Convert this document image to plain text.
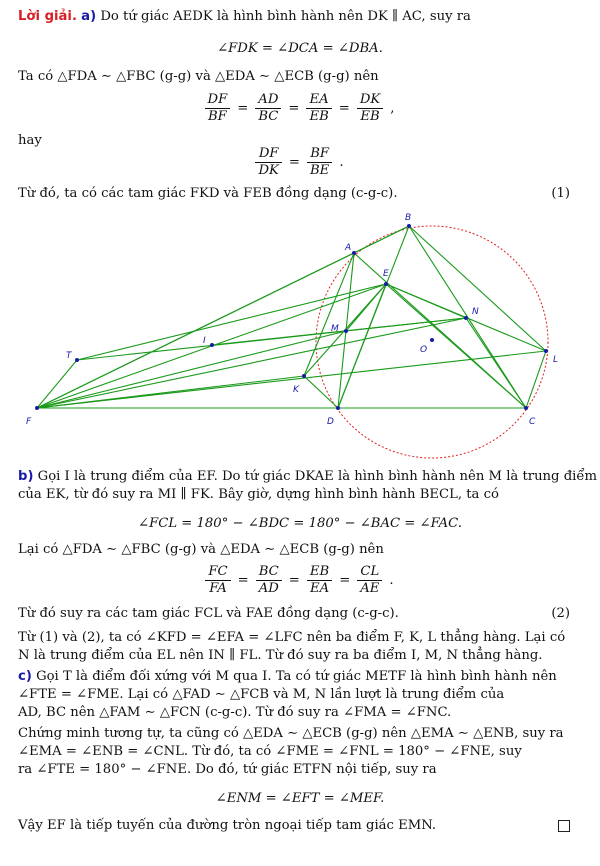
Lời giải. a) Do tứ giác AEDK là hình bình hành nên DK ∥ AC, suy ra
∠FDK = ∠DCA = ∠DBA.
Ta có △FDA ∼ △FBC (g-g) và △EDA ∼ △ECB (g-g) nên
$\frac{DF}{BF} = \frac{AD}{BC} = \frac{EA}{EB} = \frac{DK}{EB}$ ,
hay
$\frac{DF}{DK} = \frac{BF}{BE}$ .
Từ đó, ta có các tam giác FKD và FEB đồng dạng (c-g-c).	(1)
A
B
E
N
M
I
O
T	L
K
F	D	C
b) Gọi I là trung điểm của EF. Do tứ giác DKAE là hình bình hành nên M là trung điểm
của EK, từ đó suy ra MI ∥ FK. Bây giờ, dựng hình bình hành BECL, ta có
∠FCL = 180° − ∠BDC = 180° − ∠BAC = ∠FAC.
Lại có △FDA ∼ △FBC (g-g) và △EDA ∼ △ECB (g-g) nên
$\frac{FC}{FA} = \frac{BC}{AD} = \frac{EB}{EA} = \frac{CL}{AE}$ .
Từ đó suy ra các tam giác FCL và FAE đồng dạng (c-g-c).	(2)
Từ (1) và (2), ta có ∠KFD = ∠EFA = ∠LFC nên ba điểm F, K, L thẳng hàng. Lại có
N là trung điểm của EL nên IN ∥ FL. Từ đó suy ra ba điểm I, M, N thẳng hàng.
c) Gọi T là điểm đối xứng với M qua I. Ta có tứ giác METF là hình bình hành nên
∠FTE = ∠FME. Lại có △FAD ∼ △FCB và M, N lần lượt là trung điểm của
AD, BC nên △FAM ∼ △FCN (c-g-c). Từ đó suy ra ∠FMA = ∠FNC.
Chứng minh tương tự, ta cũng có △EDA ∼ △ECB (g-g) nên △EMA ∼ △ENB, suy ra
∠EMA = ∠ENB = ∠CNL. Từ đó, ta có ∠FME = ∠FNL = 180° − ∠FNE, suy
ra ∠FTE = 180° − ∠FNE. Do đó, tứ giác ETFN nội tiếp, suy ra
∠ENM = ∠EFT = ∠MEF.
Vậy EF là tiếp tuyến của đường tròn ngoại tiếp tam giác EMN.
